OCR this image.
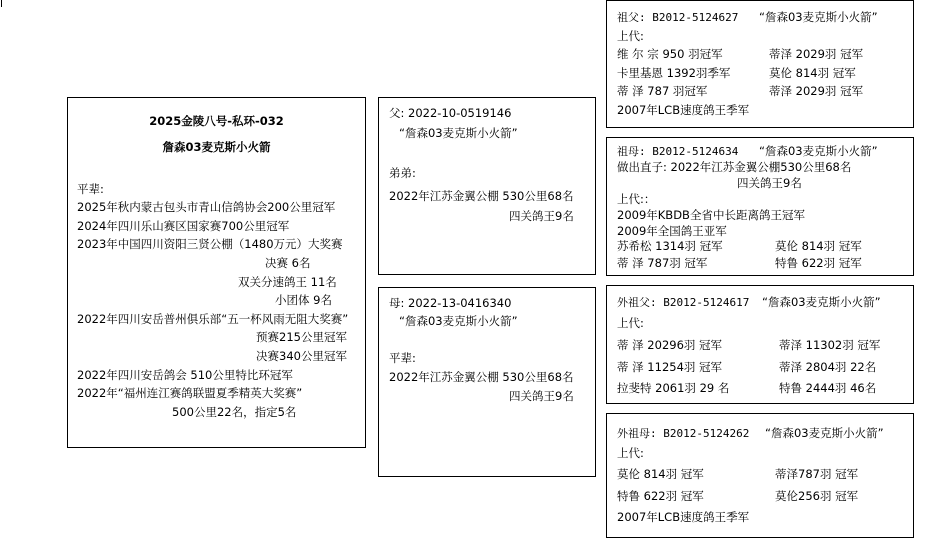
2025金陵八号-私环-032
詹森03麦克斯小火箭
平辈:
2025年秋内蒙古包头市青山信鸽协会200公里冠军
2024年四川乐山赛区国家赛700公里冠军
2023年中国四川资阳三贤公棚（1480万元）大奖赛
决赛 6名
双关分速鸽王 11名
小团体 9名
2022年四川安岳普州俱乐部“五一杯风雨无阻大奖赛”
预赛215公里冠军
决赛340公里冠军
2022年四川安岳鸽会 510公里特比环冠军
2022年“福州连江赛鸽联盟夏季精英大奖赛”
500公里22名，指定5名
父: 2022-10-0519146
“詹森03麦克斯小火箭”
弟弟:
2022年江苏金翼公棚 530公里68名
四关鸽王9名
母: 2022-13-0416340
“詹森03麦克斯小火箭”
平辈:
2022年江苏金翼公棚 530公里68名
四关鸽王9名
祖父: B2012-5124627 “詹森03麦克斯小火箭”
上代:
维 尔 宗 950 羽冠军	蒂泽 2029羽 冠军
卡里基恩 1392羽季军	莫伦 814羽 冠军
蒂 泽 787 羽冠军	蒂泽 2029羽 冠军
2007年LCB速度鸽王季军
祖母: B2012-5124634 “詹森03麦克斯小火箭”
做出直子: 2022年江苏金翼公棚530公里68名
四关鸽王9名
上代:：
2009年KBDB全省中长距离鸽王冠军
2009年全国鸽王亚军
苏希松 1314羽 冠军	莫伦 814羽 冠军
蒂 泽 787羽 冠军	特鲁 622羽 冠军
外祖父: B2012-5124617 “詹森03麦克斯小火箭”
上代:
蒂 泽 20296羽 冠军	蒂泽 11302羽 冠军
蒂 泽 11254羽 冠军	蒂泽 2804羽 22名
拉斐特 2061羽 29 名	特鲁 2444羽 46名
外祖母: B2012-5124262 “詹森03麦克斯小火箭”
上代:
莫伦 814羽 冠军	蒂泽787羽 冠军
特鲁 622羽 冠军	莫伦256羽 冠军
2007年LCB速度鸽王季军
